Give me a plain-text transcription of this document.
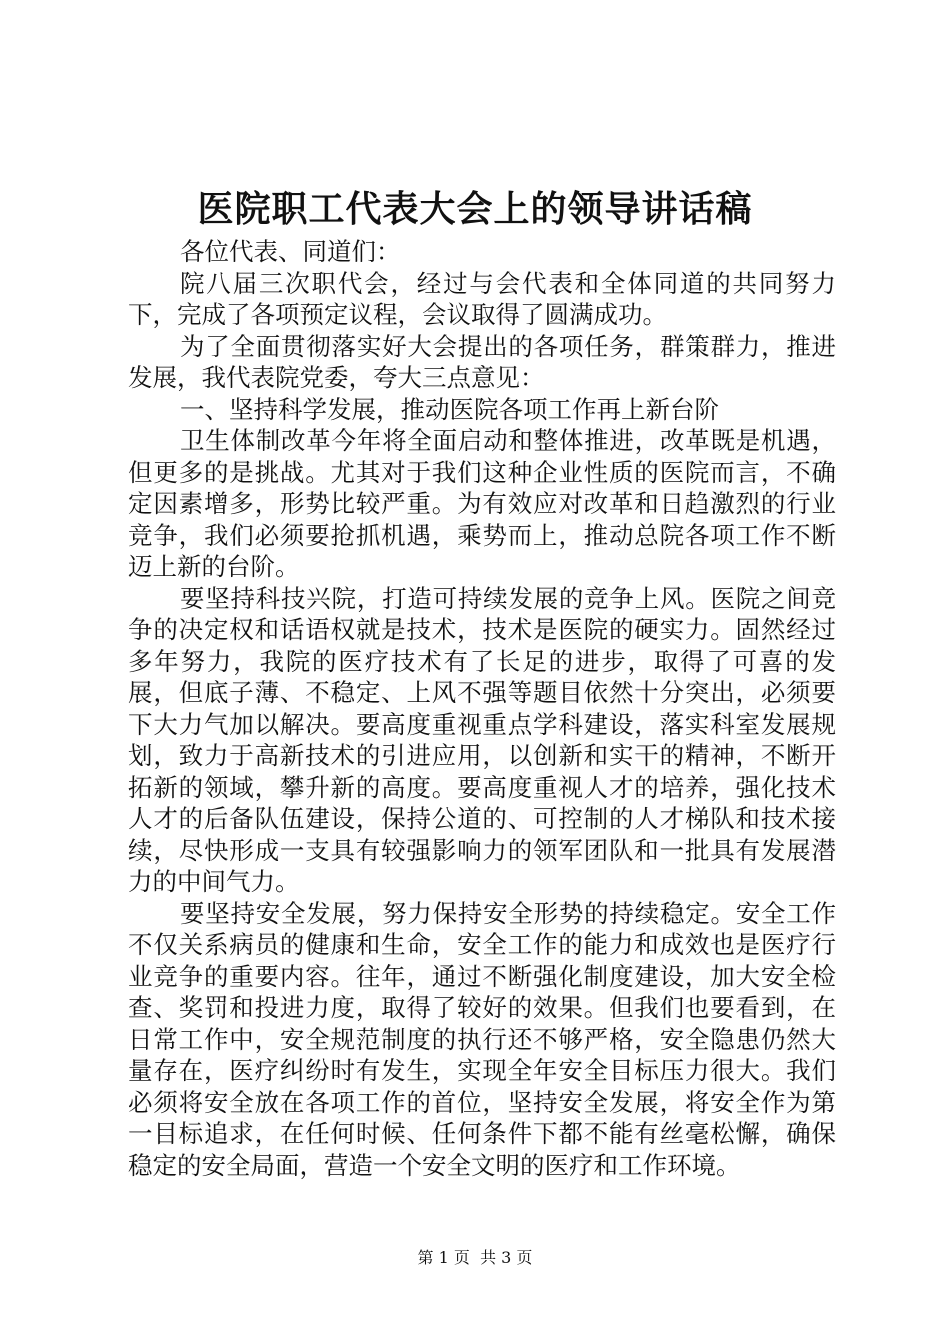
医院职工代表大会上的领导讲话稿

各位代表、同道们：

院八届三次职代会，经过与会代表和全体同道的共同努力下，完成了各项预定议程，会议取得了圆满成功。

为了全面贯彻落实好大会提出的各项任务，群策群力，推进发展，我代表院党委，夸大三点意见：

一、坚持科学发展，推动医院各项工作再上新台阶

卫生体制改革今年将全面启动和整体推进，改革既是机遇，但更多的是挑战。尤其对于我们这种企业性质的医院而言，不确定因素增多，形势比较严重。为有效应对改革和日趋激烈的行业竞争，我们必须要抢抓机遇，乘势而上，推动总院各项工作不断迈上新的台阶。

要坚持科技兴院，打造可持续发展的竞争上风。医院之间竞争的决定权和话语权就是技术，技术是医院的硬实力。固然经过多年努力，我院的医疗技术有了长足的进步，取得了可喜的发展，但底子薄、不稳定、上风不强等题目依然十分突出，必须要下大力气加以解决。要高度重视重点学科建设，落实科室发展规划，致力于高新技术的引进应用，以创新和实干的精神，不断开拓新的领域，攀升新的高度。要高度重视人才的培养，强化技术人才的后备队伍建设，保持公道的、可控制的人才梯队和技术接续，尽快形成一支具有较强影响力的领军团队和一批具有发展潜力的中间气力。

要坚持安全发展，努力保持安全形势的持续稳定。安全工作不仅关系病员的健康和生命，安全工作的能力和成效也是医疗行业竞争的重要内容。往年，通过不断强化制度建设，加大安全检查、奖罚和投进力度，取得了较好的效果。但我们也要看到，在日常工作中，安全规范制度的执行还不够严格，安全隐患仍然大量存在，医疗纠纷时有发生，实现全年安全目标压力很大。我们必须将安全放在各项工作的首位，坚持安全发展，将安全作为第一目标追求，在任何时候、任何条件下都不能有丝毫松懈，确保稳定的安全局面，营造一个安全文明的医疗和工作环境。

第 1 页  共 3 页
